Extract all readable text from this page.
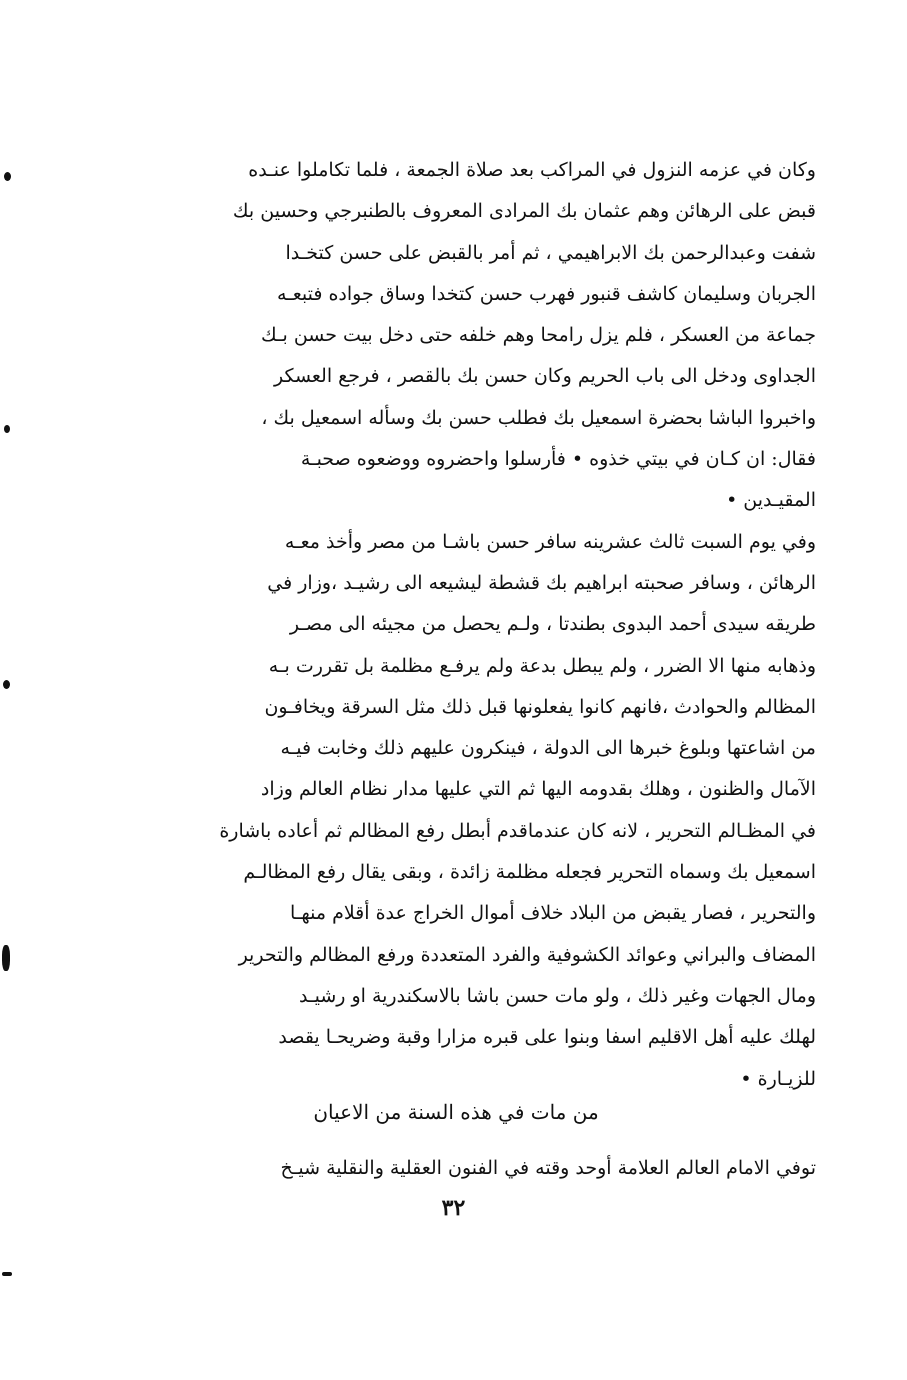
وكان في عزمه النزول في المراكب بعد صلاة الجمعة ، فلما تكاملوا عنـده
قبض على الرهائن وهم عثمان بك المرادى المعروف بالطنبرجي وحسين بك
شفت وعبدالرحمن بك الابراهيمي ، ثم أمر بالقبض على حسن كتخـدا
الجربان وسليمان كاشف قنبور فهرب حسن كتخدا وساق جواده فتبعـه
جماعة من العسكر ، فلم يزل رامحا وهم خلفه حتى دخل بيت حسن بـك
الجداوى ودخل الى باب الحريم وكان حسن بك بالقصر ، فرجع العسكر
واخبروا الباشا بحضرة اسمعيل بك فطلب حسن بك وسأله اسمعيل بك ،
فقال: ان كـان في بيتي خذوه • فأرسلوا واحضروه ووضعوه صحبـة
المقيـدين •
وفي يوم السبت ثالث عشرينه سافر حسن باشـا من مصر وأخذ معـه
الرهائن ، وسافر صحبته ابراهيم بك قشطة ليشيعه الى رشيـد ،وزار في
طريقه سيدى أحمد البدوى بطندتا ، ولـم يحصل من مجيئه الى مصـر
وذهابه منها الا الضرر ، ولم يبطل بدعة ولم يرفـع مظلمة بل تقررت بـه
المظالم والحوادث ،فانهم كانوا يفعلونها قبل ذلك مثل السرقة ويخافـون
من اشاعتها وبلوغ خبرها الى الدولة ، فينكرون عليهم ذلك وخابت فيـه
الآمال والظنون ، وهلك بقدومه اليها ثم التي عليها مدار نظام العالم وزاد
في المظـالم التحرير ، لانه كان عندماقدم أبطل رفع المظالم ثم أعاده باشارة
اسمعيل بك وسماه التحرير فجعله مظلمة زائدة ، وبقى يقال رفع المظالـم
والتحرير ، فصار يقبض من البلاد خلاف أموال الخراج عدة أقلام منهـا
المضاف والبراني وعوائد الكشوفية والفرد المتعددة ورفع المظالم والتحرير
ومال الجهات وغير ذلك ، ولو مات حسن باشا بالاسكندرية او رشيـد
لهلك عليه أهل الاقليم اسفا وبنوا على قبره مزارا وقبة وضريحـا يقصد
للزيـارة •
من مات في هذه السنة من الاعيان
توفي الامام العالم العلامة أوحد وقته في الفنون العقلية والنقلية شيـخ
٣٢
